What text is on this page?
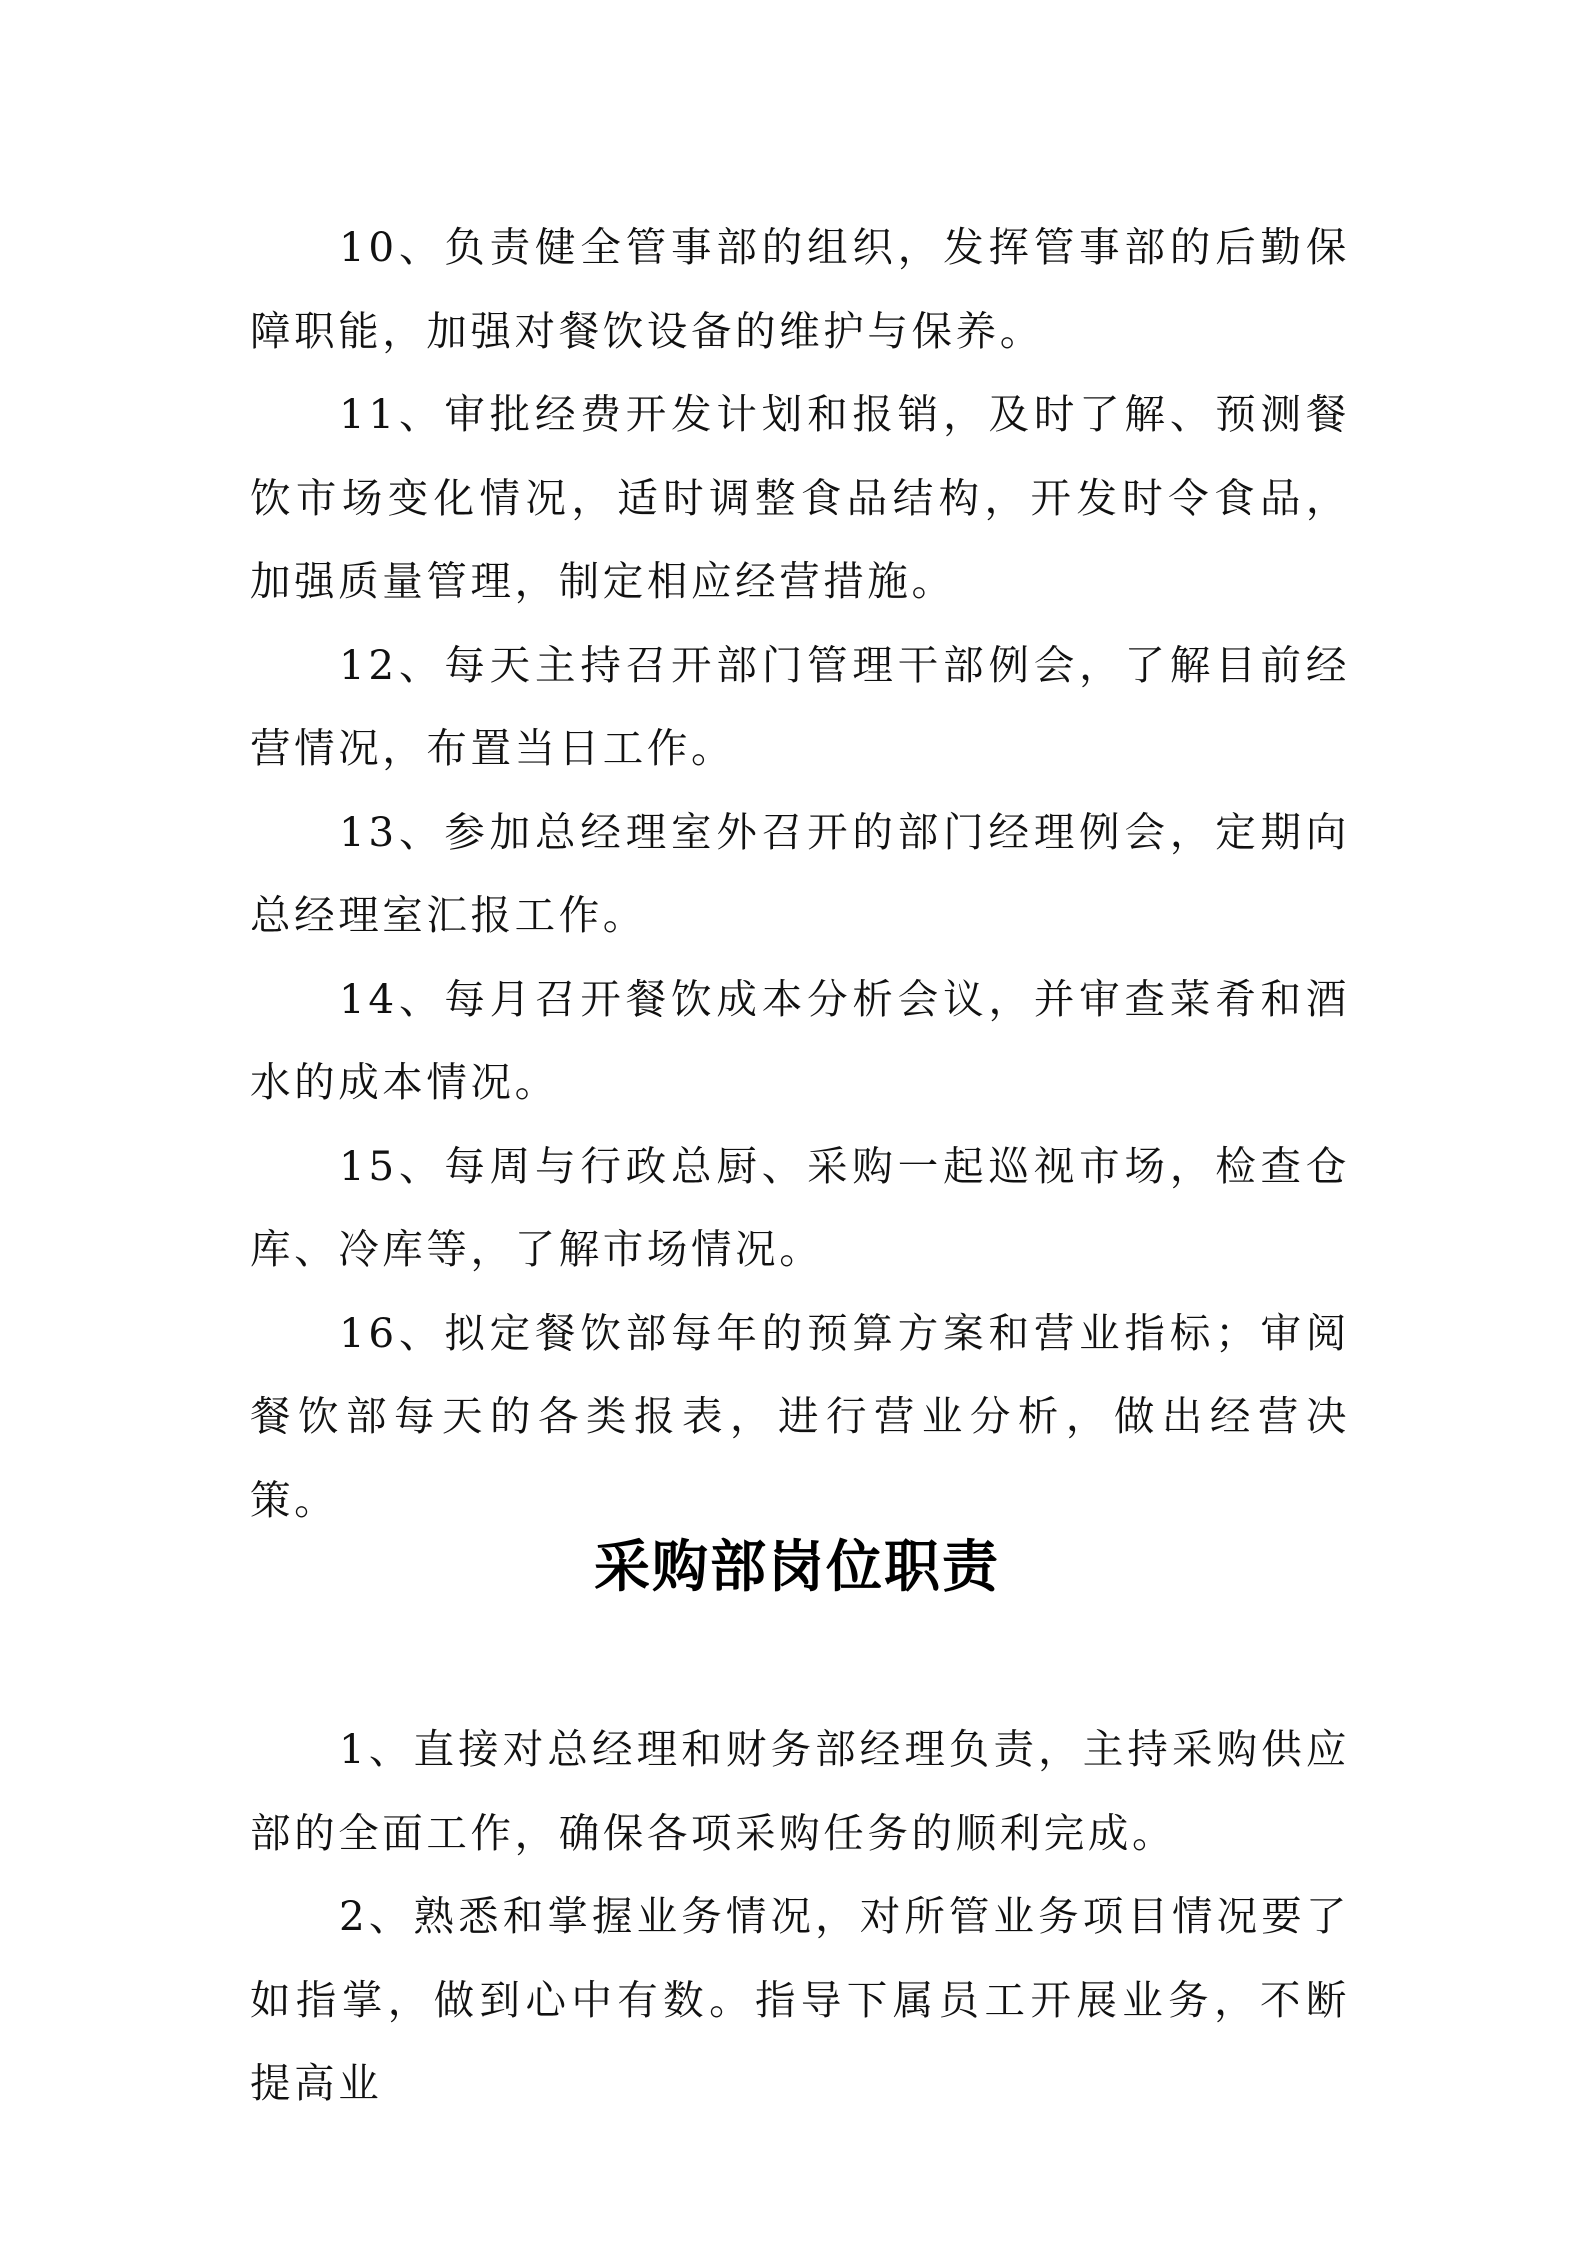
10、负责健全管事部的组织，发挥管事部的后勤保障职能，加强对餐饮设备的维护与保养。

11、审批经费开发计划和报销，及时了解、预测餐饮市场变化情况，适时调整食品结构，开发时令食品，加强质量管理，制定相应经营措施。

12、每天主持召开部门管理干部例会，了解目前经营情况，布置当日工作。

13、参加总经理室外召开的部门经理例会，定期向总经理室汇报工作。

14、每月召开餐饮成本分析会议，并审查菜肴和酒水的成本情况。

15、每周与行政总厨、采购一起巡视市场，检查仓库、冷库等，了解市场情况。

16、拟定餐饮部每年的预算方案和营业指标；审阅餐饮部每天的各类报表，进行营业分析，做出经营决策。

采购部岗位职责

1、直接对总经理和财务部经理负责，主持采购供应部的全面工作，确保各项采购任务的顺利完成。

2、熟悉和掌握业务情况，对所管业务项目情况要了如指掌，做到心中有数。指导下属员工开展业务，不断提高业
